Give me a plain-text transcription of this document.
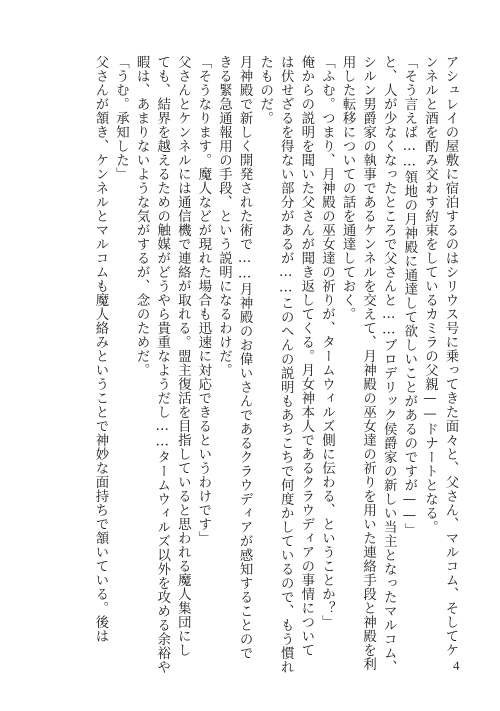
アシュレイの屋敷に宿泊するのはシリウス号に乗ってきた面々と、父さん、マルコム、そしてケ

ンネルと酒を酌み交わす約束をしているカミラの父親——ドナートとなる。

「そう言えば……領地の月神殿に通達して欲しいことがあるのですが——」

と、人が少なくなったところで父さんと……ブロデリック侯爵家の新しい当主となったマルコム、

シルン男爵家の執事であるケンネルを交えて、月神殿の巫女達の祈りを用いた連絡手段と神殿を利

用した転移についての話を通達しておく。

「ふむ。つまり、月神殿の巫女達の祈りが、タームウィルズ側に伝わる、ということか？」

俺からの説明を聞いた父さんが聞き返してくる。月女神本人であるクラウディアの事情について

は伏せざるを得ない部分があるが……このへんの説明もあちこちで何度かしているので、もう慣れ

たものだ。

月神殿で新しく開発された術で……月神殿のお偉いさんであるクラウディアが感知することので

きる緊急通報用の手段、という説明になるわけだ。

「そうなります。魔人などが現れた場合も迅速に対応できるというわけです」

父さんとケンネルには通信機で連絡が取れる。盟主復活を目指していると思われる魔人集団にし

ても、結界を越えるための触媒がどうやら貴重なようだし……タームウィルズ以外を攻める余裕や

暇は、あまりないような気がするが、念のためだ。

「うむ。承知した」

父さんが頷き、ケンネルとマルコムも魔人絡みということで神妙な面持ちで頷いている。後は

4
